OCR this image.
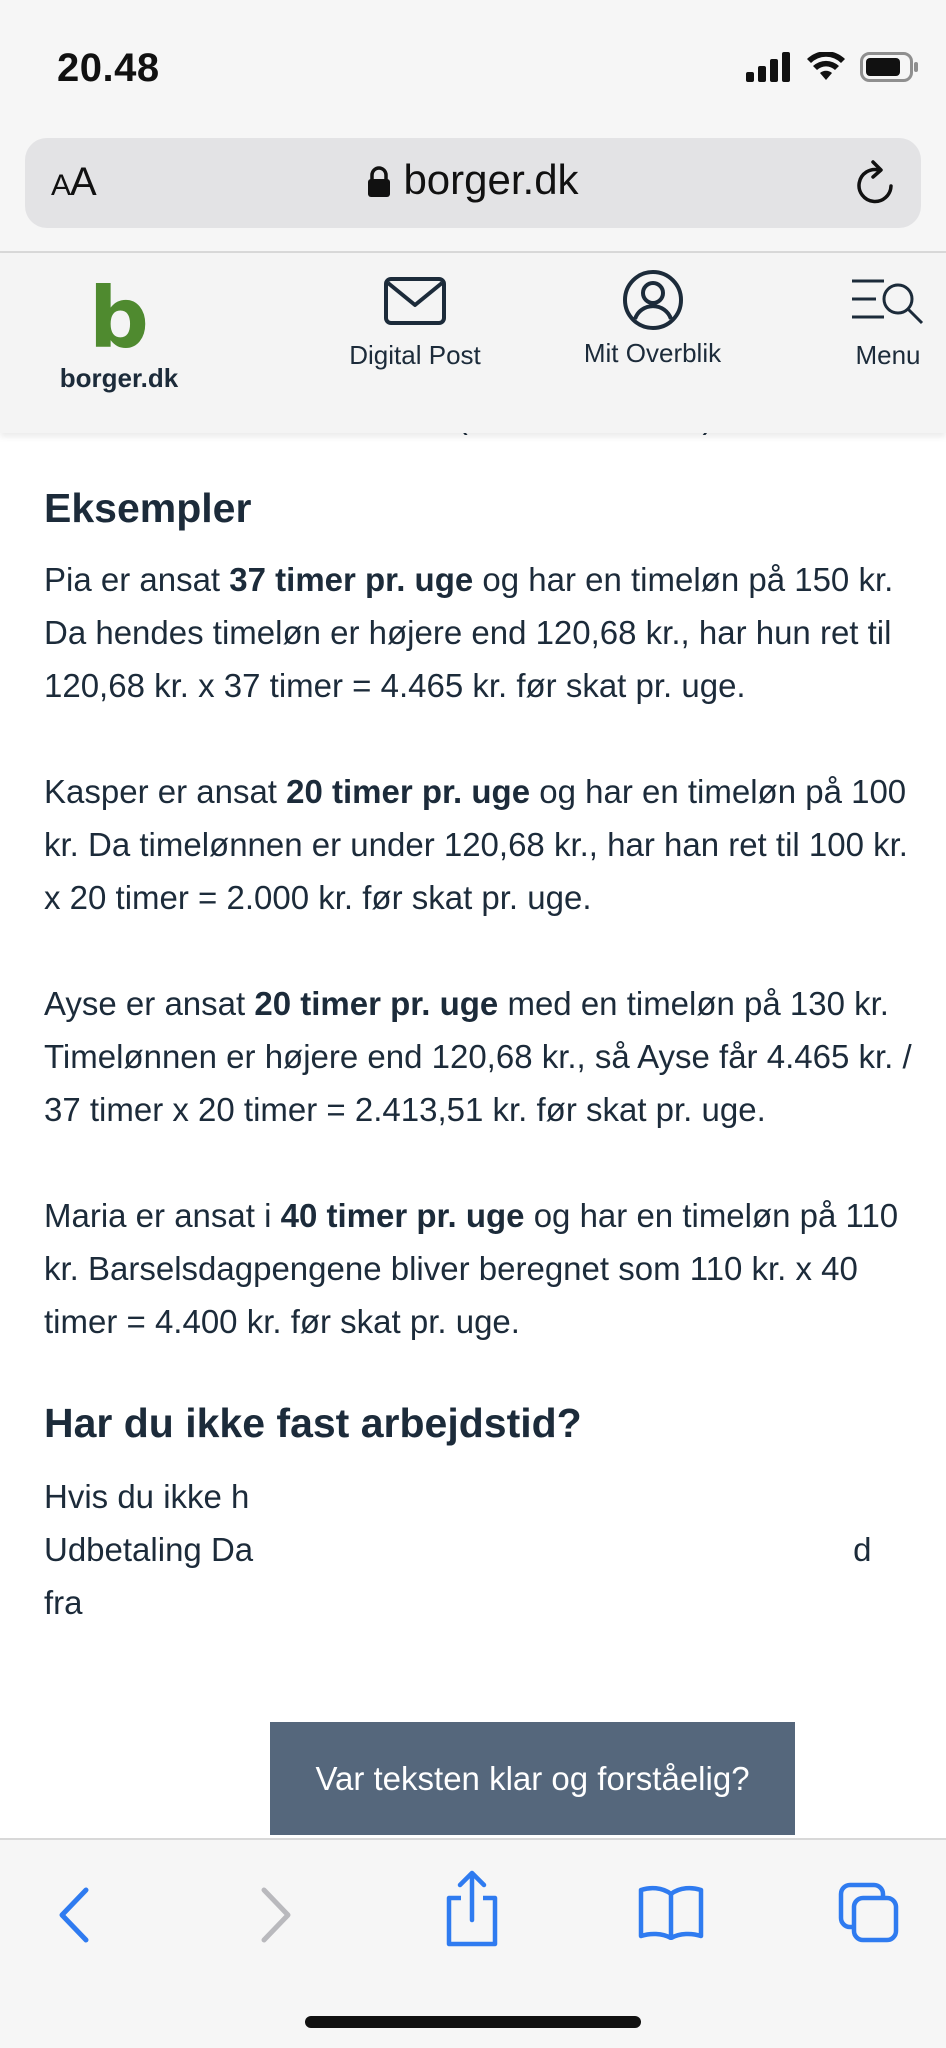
20.48
AA	borger.dk
b
borger.dk
Digital Post	Mit Overblik	Menu

Eksempler

Pia er ansat 37 timer pr. uge og har en timeløn på 150 kr. Da hendes timeløn er højere end 120,68 kr., har hun ret til 120,68 kr. x 37 timer = 4.465 kr. før skat pr. uge.

Kasper er ansat 20 timer pr. uge og har en timeløn på 100 kr. Da timelønnen er under 120,68 kr., har han ret til 100 kr. x 20 timer = 2.000 kr. før skat pr. uge.

Ayse er ansat 20 timer pr. uge med en timeløn på 130 kr. Timelønnen er højere end 120,68 kr., så Ayse får 4.465 kr. / 37 timer x 20 timer = 2.413,51 kr. før skat pr. uge.

Maria er ansat i 40 timer pr. uge og har en timeløn på 110 kr. Barselsdagpengene bliver beregnet som 110 kr. x 40 timer = 4.400 kr. før skat pr. uge.

Har du ikke fast arbejdstid?

Hvis du ikke h
Udbetaling Da	d fra

Var teksten klar og forståelig?
